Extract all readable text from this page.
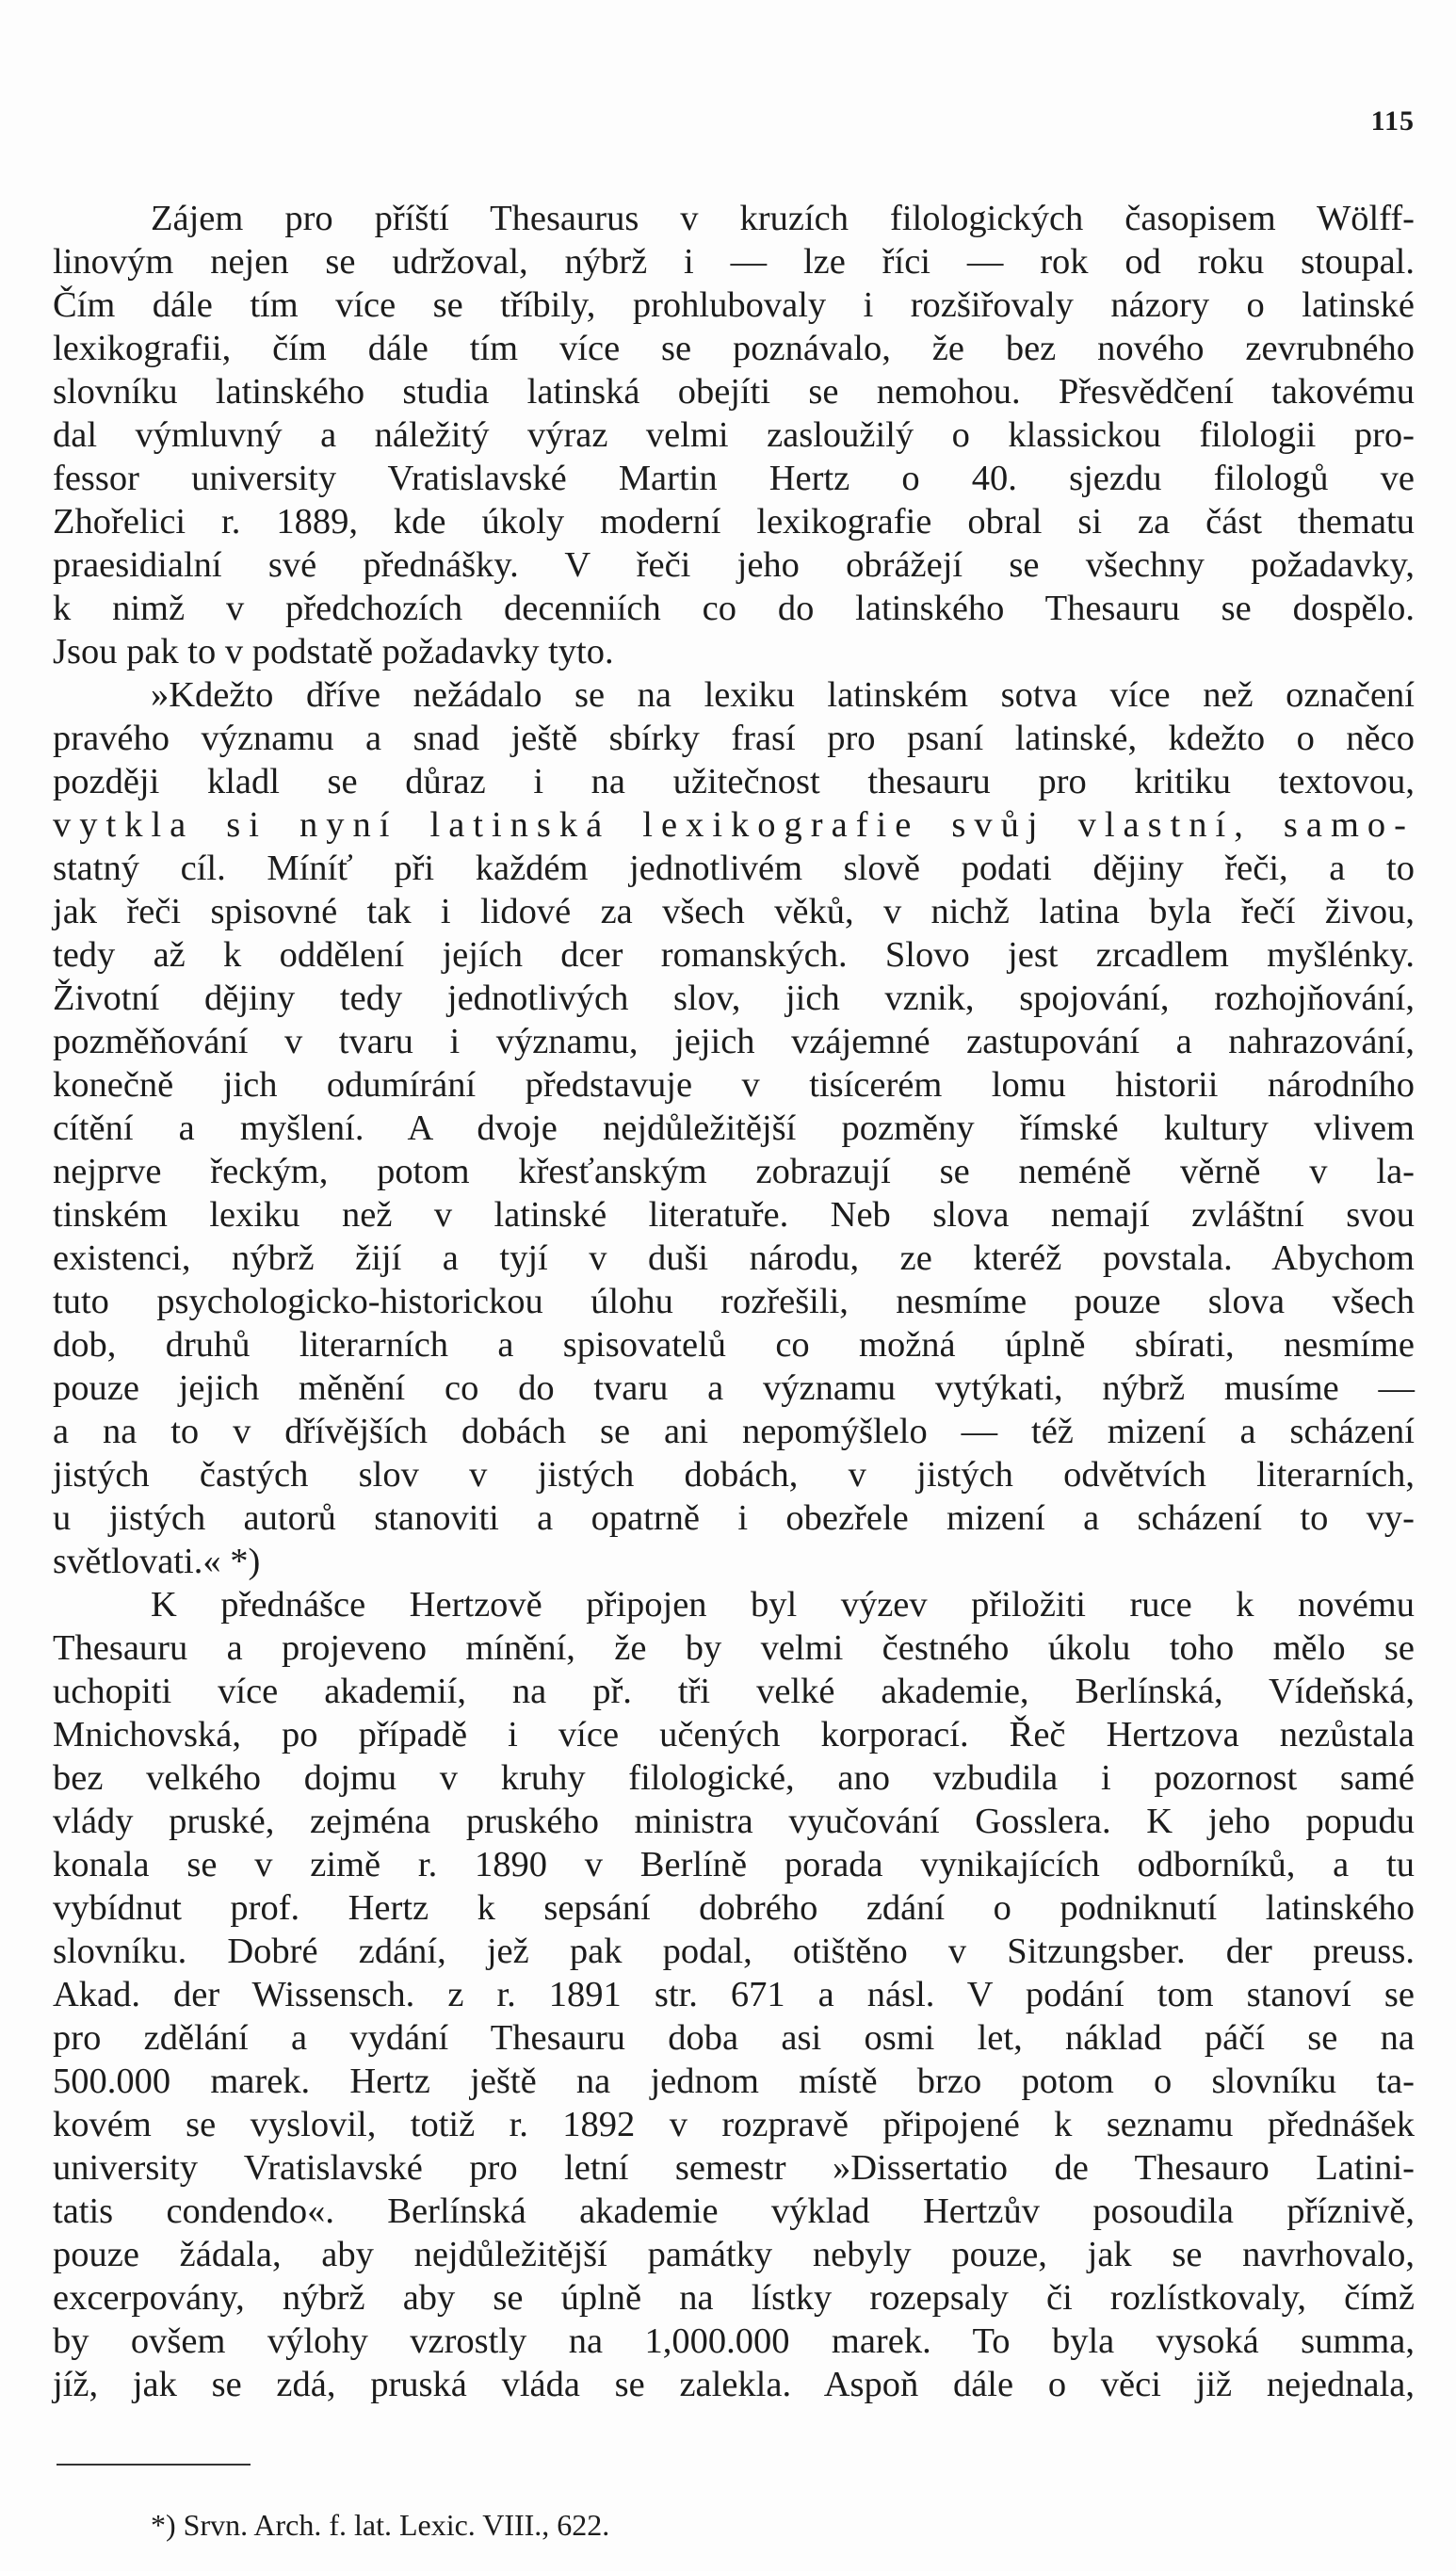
115
Zájem pro příští Thesaurus v kruzích filologických časopisem Wölff-
linovým nejen se udržoval, nýbrž i — lze říci — rok od roku stoupal.
Čím dále tím více se tříbily, prohlubovaly i rozšiřovaly názory o latinské
lexikografii, čím dále tím více se poznávalo, že bez nového zevrubného
slovníku latinského studia latinská obejíti se nemohou. Přesvědčení takovému
dal výmluvný a náležitý výraz velmi zasloužilý o klassickou filologii pro-
fessor university Vratislavské Martin Hertz o 40. sjezdu filologů ve
Zhořelici r. 1889, kde úkoly moderní lexikografie obral si za část thematu
praesidialní své přednášky. V řeči jeho obrážejí se všechny požadavky,
k nimž v předchozích decenniích co do latinského Thesauru se dospělo.
Jsou pak to v podstatě požadavky tyto.
»Kdežto dříve nežádalo se na lexiku latinském sotva více než označení
pravého významu a snad ještě sbírky frasí pro psaní latinské, kdežto o něco
později kladl se důraz i na užitečnost thesauru pro kritiku textovou,
vytkla si nyní latinská lexikografie svůj vlastní, samo-
statný cíl. Míníť při každém jednotlivém slově podati dějiny řeči, a to
jak řeči spisovné tak i lidové za všech věků, v nichž latina byla řečí živou,
tedy až k oddělení jejích dcer romanských. Slovo jest zrcadlem myšlénky.
Životní dějiny tedy jednotlivých slov, jich vznik, spojování, rozhojňování,
pozměňování v tvaru i významu, jejich vzájemné zastupování a nahrazování,
konečně jich odumírání představuje v tisícerém lomu historii národního
cítění a myšlení. A dvoje nejdůležitější pozměny římské kultury vlivem
nejprve řeckým, potom křesťanským zobrazují se neméně věrně v la-
tinském lexiku než v latinské literatuře. Neb slova nemají zvláštní svou
existenci, nýbrž žijí a tyjí v duši národu, ze kteréž povstala. Abychom
tuto psychologicko-historickou úlohu rozřešili, nesmíme pouze slova všech
dob, druhů literarních a spisovatelů co možná úplně sbírati, nesmíme
pouze jejich měnění co do tvaru a významu vytýkati, nýbrž musíme —
a na to v dřívějších dobách se ani nepomýšlelo — též mizení a scházení
jistých častých slov v jistých dobách, v jistých odvětvích literarních,
u jistých autorů stanoviti a opatrně i obezřele mizení a scházení to vy-
světlovati.« *)
K přednášce Hertzově připojen byl výzev přiložiti ruce k novému
Thesauru a projeveno mínění, že by velmi čestného úkolu toho mělo se
uchopiti více akademií, na př. tři velké akademie, Berlínská, Vídeňská,
Mnichovská, po případě i více učených korporací. Řeč Hertzova nezůstala
bez velkého dojmu v kruhy filologické, ano vzbudila i pozornost samé
vlády pruské, zejména pruského ministra vyučování Gosslera. K jeho popudu
konala se v zimě r. 1890 v Berlíně porada vynikajících odborníků, a tu
vybídnut prof. Hertz k sepsání dobrého zdání o podniknutí latinského
slovníku. Dobré zdání, jež pak podal, otištěno v Sitzungsber. der preuss.
Akad. der Wissensch. z r. 1891 str. 671 a násl. V podání tom stanoví se
pro zdělání a vydání Thesauru doba asi osmi let, náklad páčí se na
500.000 marek. Hertz ještě na jednom místě brzo potom o slovníku ta-
kovém se vyslovil, totiž r. 1892 v rozpravě připojené k seznamu přednášek
university Vratislavské pro letní semestr »Dissertatio de Thesauro Latini-
tatis condendo«. Berlínská akademie výklad Hertzův posoudila příznivě,
pouze žádala, aby nejdůležitější památky nebyly pouze, jak se navrhovalo,
excerpovány, nýbrž aby se úplně na lístky rozepsaly či rozlístkovaly, čímž
by ovšem výlohy vzrostly na 1,000.000 marek. To byla vysoká summa,
jíž, jak se zdá, pruská vláda se zalekla. Aspoň dále o věci již nejednala,
*) Srvn. Arch. f. lat. Lexic. VIII., 622.
